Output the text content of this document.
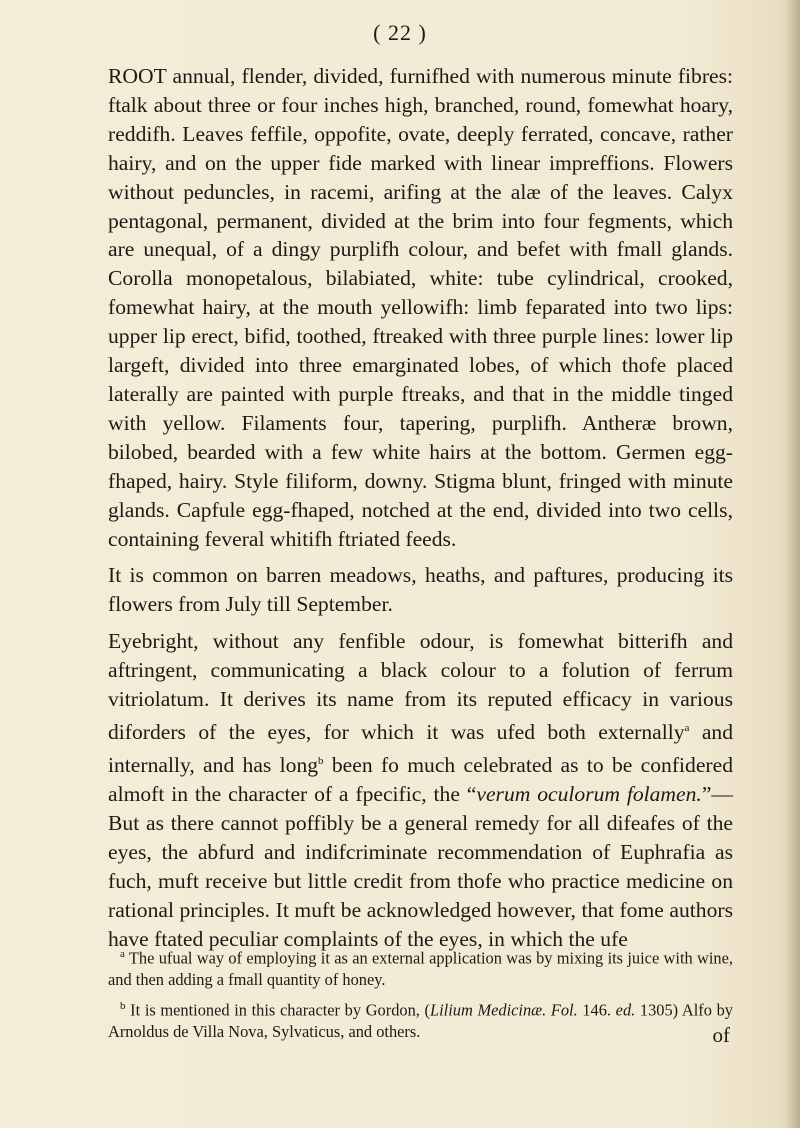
( 22 )

ROOT annual, flender, divided, furnifhed with numerous minute fibres: ftalk about three or four inches high, branched, round, fomewhat hoary, reddifh. Leaves feffile, oppofite, ovate, deeply ferrated, concave, rather hairy, and on the upper fide marked with linear impreffions. Flowers without peduncles, in racemi, arifing at the alæ of the leaves. Calyx pentagonal, permanent, divided at the brim into four fegments, which are unequal, of a dingy purplifh colour, and befet with fmall glands. Corolla monopetalous, bilabiated, white: tube cylindrical, crooked, fomewhat hairy, at the mouth yellowifh: limb feparated into two lips: upper lip erect, bifid, toothed, ftreaked with three purple lines: lower lip largeft, divided into three emarginated lobes, of which thofe placed laterally are painted with purple ftreaks, and that in the middle tinged with yellow. Filaments four, tapering, purplifh. Antheræ brown, bilobed, bearded with a few white hairs at the bottom. Germen egg-fhaped, hairy. Style filiform, downy. Stigma blunt, fringed with minute glands. Capfule egg-fhaped, notched at the end, divided into two cells, containing feveral whitifh ftriated feeds.

It is common on barren meadows, heaths, and paftures, producing its flowers from July till September.

Eyebright, without any fenfible odour, is fomewhat bitterifh and aftringent, communicating a black colour to a folution of ferrum vitriolatum. It derives its name from its reputed efficacy in various diforders of the eyes, for which it was ufed both externally$^a$ and internally, and has long$^b$ been fo much celebrated as to be confidered almoft in the character of a fpecific, the “verum oculorum folamen.”— But as there cannot poffibly be a general remedy for all difeafes of the eyes, the abfurd and indifcriminate recommendation of Euphrafia as fuch, muft receive but little credit from thofe who practice medicine on rational principles. It muft be acknowledged however, that fome authors have ftated peculiar complaints of the eyes, in which the ufe

$^a$ The ufual way of employing it as an external application was by mixing its juice with wine, and then adding a fmall quantity of honey.

$^b$ It is mentioned in this character by Gordon, (Lilium Medicinæ. Fol. 146. ed. 1305) Alfo by Arnoldus de Villa Nova, Sylvaticus, and others.	of
